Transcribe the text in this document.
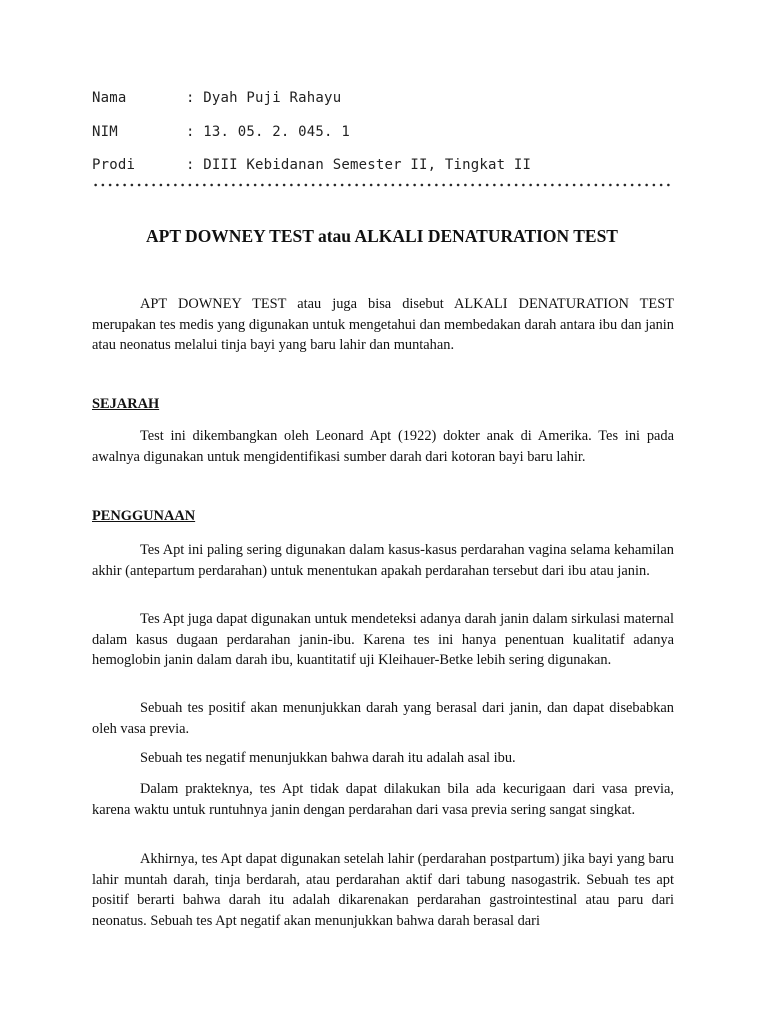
Nama	: Dyah Puji Rahayu
NIM	: 13. 05. 2. 045. 1
Prodi	: DIII Kebidanan Semester II, Tingkat II
APT DOWNEY TEST atau ALKALI DENATURATION TEST

APT DOWNEY TEST atau juga bisa disebut ALKALI DENATURATION TEST merupakan tes medis yang digunakan untuk mengetahui dan membedakan darah antara ibu dan janin atau neonatus melalui tinja bayi yang baru lahir dan muntahan.

SEJARAH

Test ini dikembangkan oleh Leonard Apt (1922) dokter anak di Amerika. Tes ini pada awalnya digunakan untuk mengidentifikasi sumber darah dari kotoran bayi baru lahir.

PENGGUNAAN

Tes Apt ini paling sering digunakan dalam kasus-kasus perdarahan vagina selama kehamilan akhir (antepartum perdarahan) untuk menentukan apakah perdarahan tersebut dari ibu atau janin.

Tes Apt juga dapat digunakan untuk mendeteksi adanya darah janin dalam sirkulasi maternal dalam kasus dugaan perdarahan janin-ibu. Karena tes ini hanya penentuan kualitatif adanya hemoglobin janin dalam darah ibu, kuantitatif uji Kleihauer-Betke lebih sering digunakan.

Sebuah tes positif akan menunjukkan darah yang berasal dari janin, dan dapat disebabkan oleh vasa previa.

Sebuah tes negatif menunjukkan bahwa darah itu adalah asal ibu.

Dalam prakteknya, tes Apt tidak dapat dilakukan bila ada kecurigaan dari vasa previa, karena waktu untuk runtuhnya janin dengan perdarahan dari vasa previa sering sangat singkat.

Akhirnya, tes Apt dapat digunakan setelah lahir (perdarahan postpartum) jika bayi yang baru lahir muntah darah, tinja berdarah, atau perdarahan aktif dari tabung nasogastrik. Sebuah tes apt positif berarti bahwa darah itu adalah dikarenakan perdarahan gastrointestinal atau paru dari neonatus. Sebuah tes Apt negatif akan menunjukkan bahwa darah berasal dari
